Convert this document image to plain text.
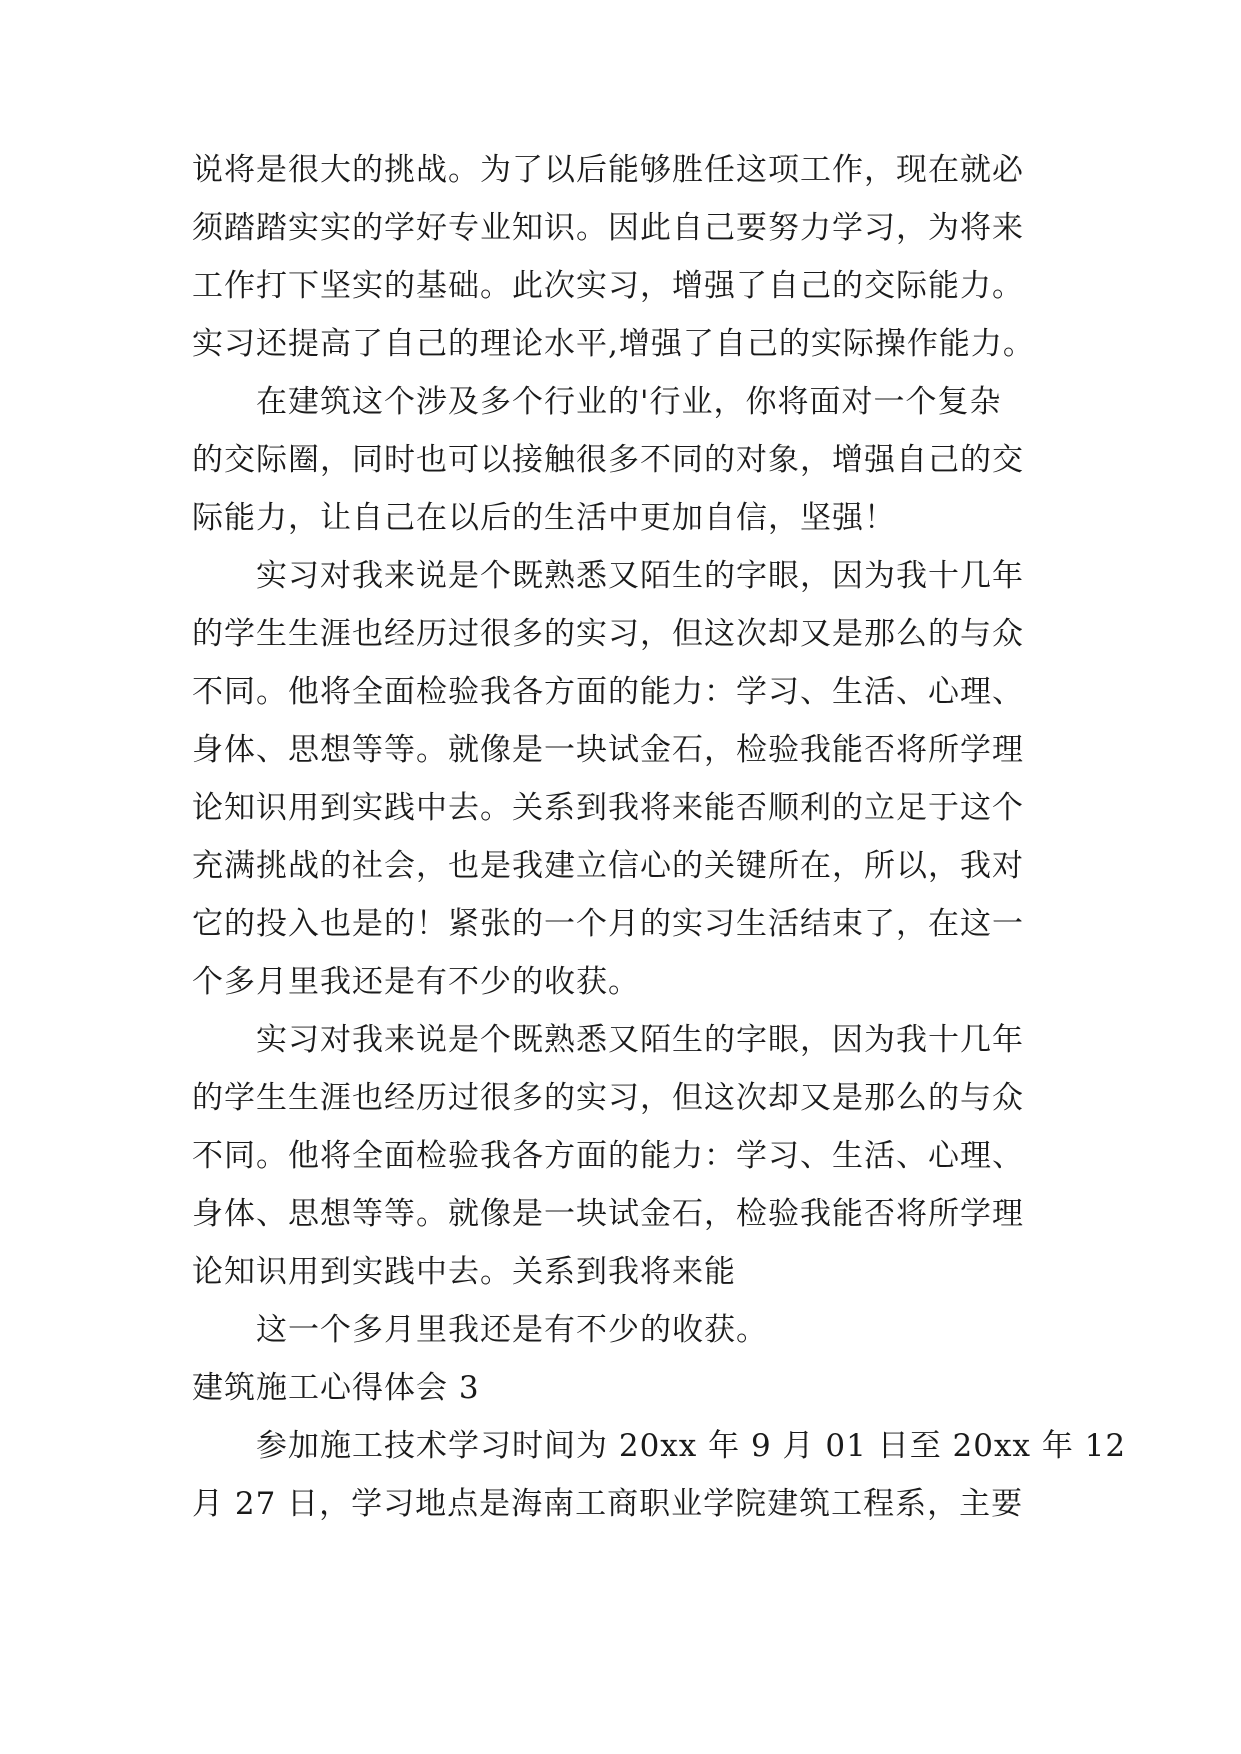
说将是很大的挑战。为了以后能够胜任这项工作，现在就必
须踏踏实实的学好专业知识。因此自己要努力学习，为将来
工作打下坚实的基础。此次实习，增强了自己的交际能力。
实习还提高了自己的理论水平,增强了自己的实际操作能力。
在建筑这个涉及多个行业的'行业，你将面对一个复杂
的交际圈，同时也可以接触很多不同的对象，增强自己的交
际能力，让自己在以后的生活中更加自信，坚强！
实习对我来说是个既熟悉又陌生的字眼，因为我十几年
的学生生涯也经历过很多的实习，但这次却又是那么的与众
不同。他将全面检验我各方面的能力：学习、生活、心理、
身体、思想等等。就像是一块试金石，检验我能否将所学理
论知识用到实践中去。关系到我将来能否顺利的立足于这个
充满挑战的社会，也是我建立信心的关键所在，所以，我对
它的投入也是的！紧张的一个月的实习生活结束了，在这一
个多月里我还是有不少的收获。
实习对我来说是个既熟悉又陌生的字眼，因为我十几年
的学生生涯也经历过很多的实习，但这次却又是那么的与众
不同。他将全面检验我各方面的能力：学习、生活、心理、
身体、思想等等。就像是一块试金石，检验我能否将所学理
论知识用到实践中去。关系到我将来能
这一个多月里我还是有不少的收获。
建筑施工心得体会 3
参加施工技术学习时间为 20xx 年 9 月 01 日至 20xx 年 12
月 27 日，学习地点是海南工商职业学院建筑工程系，主要
